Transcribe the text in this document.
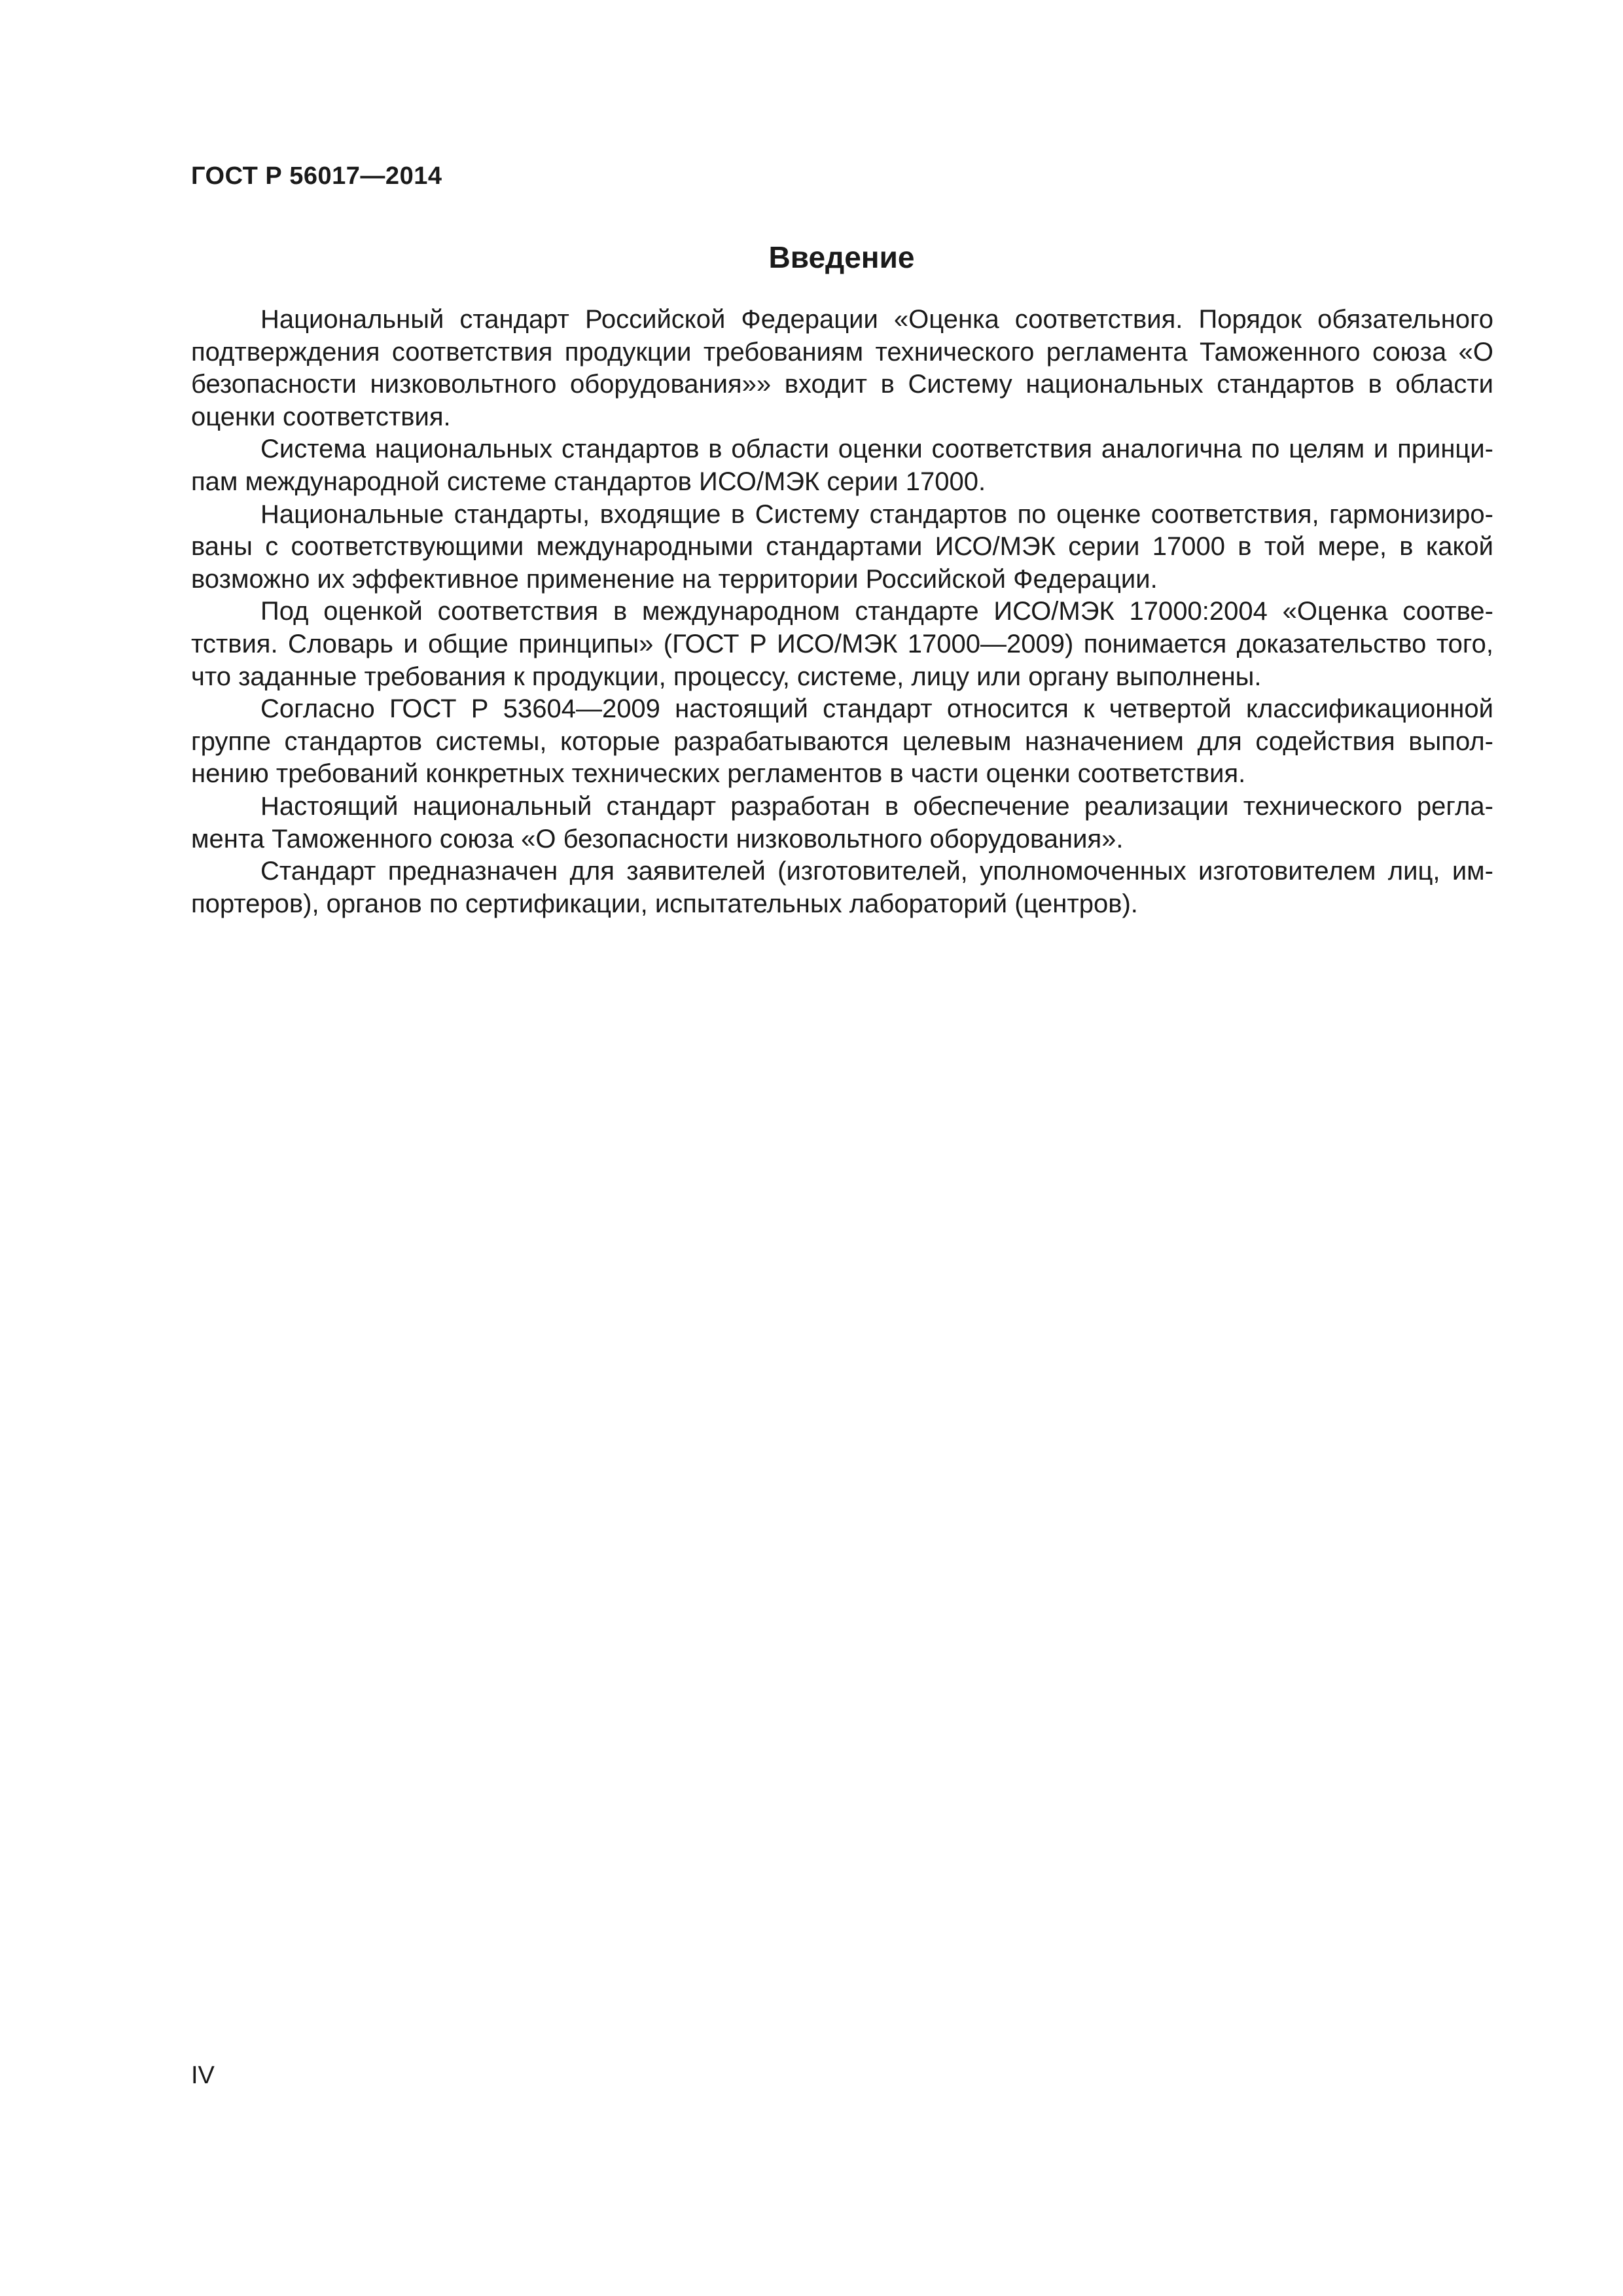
ГОСТ Р 56017—2014
Введение

Национальный стандарт Российской Федерации «Оценка соответствия. Порядок обязательного подтверждения соответствия продукции требованиям технического регламента Таможенного союза «О безопасности низковольтного оборудования»» входит в Систему национальных стандартов в области оценки соответствия.

Система национальных стандартов в области оценки соответствия аналогична по целям и принципам международной системе стандартов ИСО/МЭК серии 17000.

Национальные стандарты, входящие в Систему стандартов по оценке соответствия, гармонизированы с соответствующими международными стандартами ИСО/МЭК серии 17000 в той мере, в какой возможно их эффективное применение на территории Российской Федерации.

Под оценкой соответствия в международном стандарте ИСО/МЭК 17000:2004 «Оценка соответствия. Словарь и общие принципы» (ГОСТ Р ИСО/МЭК 17000—2009) понимается доказательство того, что заданные требования к продукции, процессу, системе, лицу или органу выполнены.

Согласно ГОСТ Р 53604—2009 настоящий стандарт относится к четвертой классификационной группе стандартов системы, которые разрабатываются целевым назначением для содействия выполнению требований конкретных технических регламентов в части оценки соответствия.

Настоящий национальный стандарт разработан в обеспечение реализации технического регламента Таможенного союза «О безопасности низковольтного оборудования».

Стандарт предназначен для заявителей (изготовителей, уполномоченных изготовителем лиц, импортеров), органов по сертификации, испытательных лабораторий (центров).

IV
